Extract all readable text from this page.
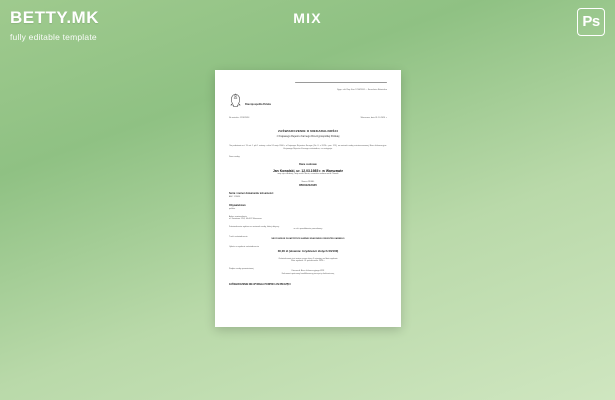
BETTY.MK
fully editable template
MIX	Ps
Sygn. akt: Rep. A nr 1234/2024 — Kancelaria Notarialna
Rzeczpospolita Polska
Nr wniosku: 1234/2024	Warszawa, dnia 01.10.2024 r.
ZAŚWIADCZENIE O NIEKARALNOŚCI
z Krajowego Rejestru Karnego Rzeczypospolitej Polskiej
Na podstawie art. 19 ust. 1 pkt 1 ustawy z dnia 24 maja 2000 r. o Krajowym Rejestrze Karnym (Dz. U. z 2024 r. poz. 125), na wniosek osoby zainteresowanej, Biuro Informacyjne Krajowego Rejestru Karnego zaświadcza, co następuje.
Dane osoby:
Dane osobowe
Jan Kowalski, ur. 12.03.1985 r. w Warszawie
imię ojca: Andrzej, imię matki: Maria, nazwisko rodowe matki: Nowak
Numer PESEL
85031212345
Seria i numer dokumentu tożsamości
ABC 123456
Obywatelstwo
polskie
Adres zamieszkania
ul. Kwiatowa 12/4, 00-001 Warszawa
Zaświadczenie wydano na wniosek osoby, której dotyczy
w celu przedłożenia pracodawcy
Treść zaświadczenia
NIE FIGURUJE W KARTOTECE KARNEJ KRAJOWEGO REJESTRU KARNEGO
Opłata za wydanie zaświadczenia
30,00 zł (słownie: trzydzieści złotych 00/100)
Zaświadczenie jest ważne przez okres 3 miesięcy od dnia wydania
Data wydania: 01 października 2024 r.
Podpis osoby upoważnionej
Kierownik Biura Informacyjnego KRK
Dokument opatrzony kwalifikowaną pieczęcią elektroniczną
ZAŚWIADCZENIE NIE WYMAGA PODPISU ANI PIECZĘCI
